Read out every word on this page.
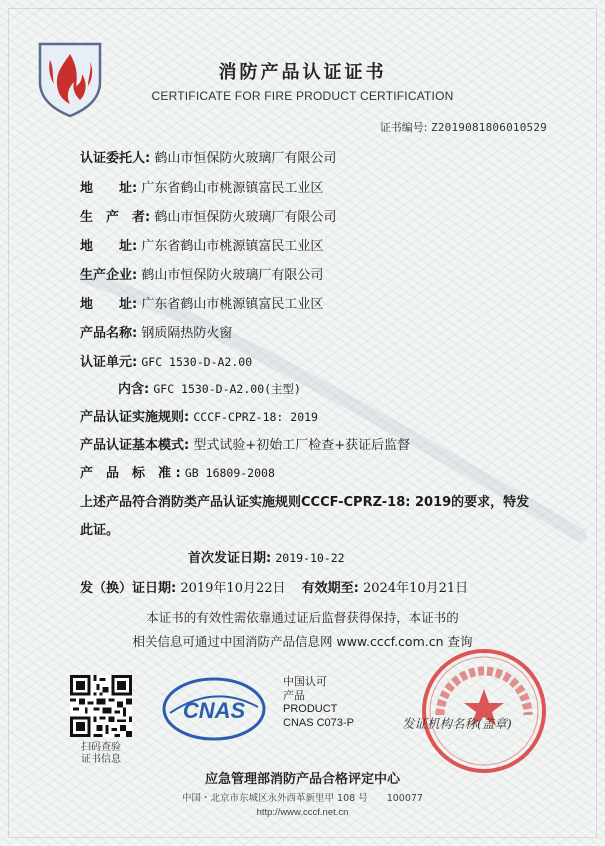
消防产品认证证书
CERTIFICATE FOR FIRE PRODUCT CERTIFICATION
证书编号: Z2019081806010529
认证委托人: 鹤山市恒保防火玻璃厂有限公司
地　　址: 广东省鹤山市桃源镇富民工业区
生　产　者: 鹤山市恒保防火玻璃厂有限公司
地　　址: 广东省鹤山市桃源镇富民工业区
生产企业: 鹤山市恒保防火玻璃厂有限公司
地　　址: 广东省鹤山市桃源镇富民工业区
产品名称: 钢质隔热防火窗
认证单元: GFC 1530-D-A2.00
内含: GFC 1530-D-A2.00(主型)
产品认证实施规则: CCCF-CPRZ-18: 2019
产品认证基本模式: 型式试验+初始工厂检查+获证后监督
产　品　标　准 : GB 16809-2008
上述产品符合消防类产品认证实施规则CCCF-CPRZ-18: 2019的要求，特发此证。
首次发证日期: 2019-10-22
发（换）证日期: 2019年10月22日 有效期至: 2024年10月21日
本证书的有效性需依靠通过证后监督获得保持，本证书的
相关信息可通过中国消防产品信息网 www.cccf.com.cn 查询
扫码查验
证书信息
CNAS
中国认可
产品
PRODUCT
CNAS C073-P	发证机构名称(盖章)
应急管理部消防产品合格评定中心
中国・北京市东城区永外西革新里甲 108 号　　100077
http://www.cccf.net.cn
